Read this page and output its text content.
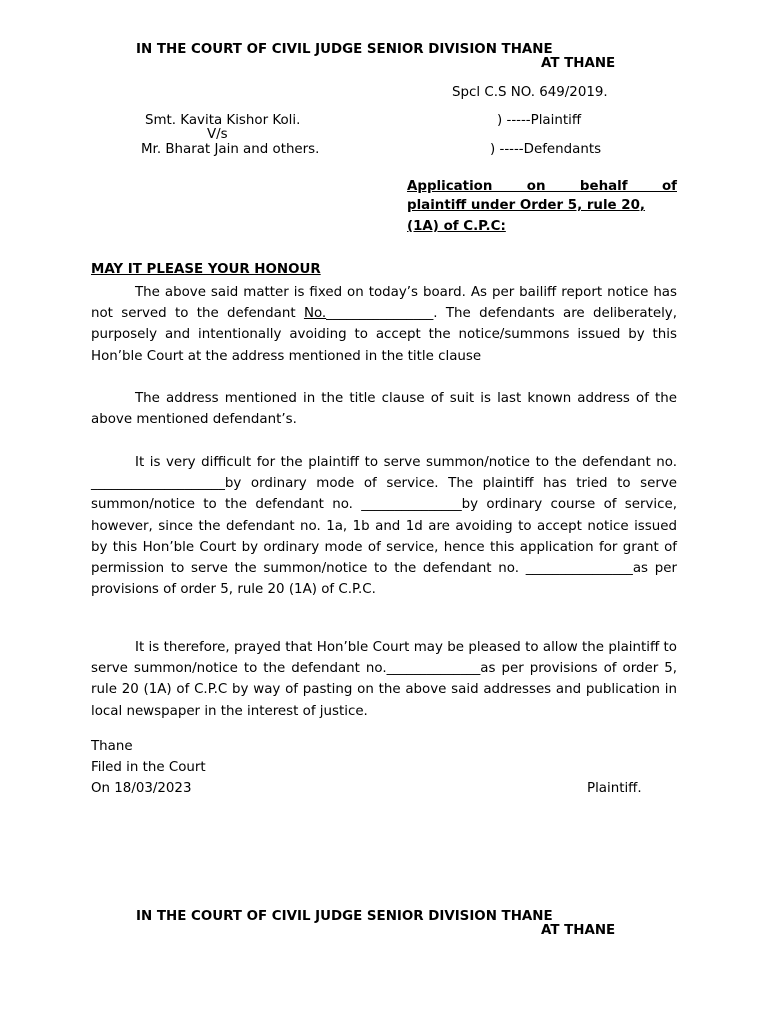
IN THE COURT OF CIVIL JUDGE SENIOR DIVISION THANE
AT THANE
Spcl C.S NO. 649/2019.
Smt. Kavita Kishor Koli.
V/s
Mr. Bharat Jain and others.
) -----Plaintiff
) -----Defendants
Application on behalf of
plaintiff under Order 5, rule 20,
(1A) of C.P.C:
MAY IT PLEASE YOUR HONOUR
The above said matter is fixed on today’s board. As per bailiff report notice has not served to the defendant No.________________. The defendants are deliberately, purposely and intentionally avoiding to accept the notice/summons issued by this Hon’ble Court at the address mentioned in the title clause
The address mentioned in the title clause of suit is last known address of the above mentioned defendant’s.
It is very difficult for the plaintiff to serve summon/notice to the defendant no. ____________________by ordinary mode of service. The plaintiff has tried to serve summon/notice to the defendant no. _______________by ordinary course of service, however, since the defendant no. 1a, 1b and 1d are avoiding to accept notice issued by this Hon’ble Court by ordinary mode of service, hence this application for grant of permission to serve the summon/notice to the defendant no. ________________as per provisions of order 5, rule 20 (1A) of C.P.C.
It is therefore, prayed that Hon’ble Court may be pleased to allow the plaintiff to serve summon/notice to the defendant no.______________as per provisions of order 5, rule 20 (1A) of C.P.C by way of pasting on the above said addresses and publication in local newspaper in the interest of justice.
Thane
Filed in the Court
On 18/03/2023	Plaintiff.
IN THE COURT OF CIVIL JUDGE SENIOR DIVISION THANE
AT THANE
